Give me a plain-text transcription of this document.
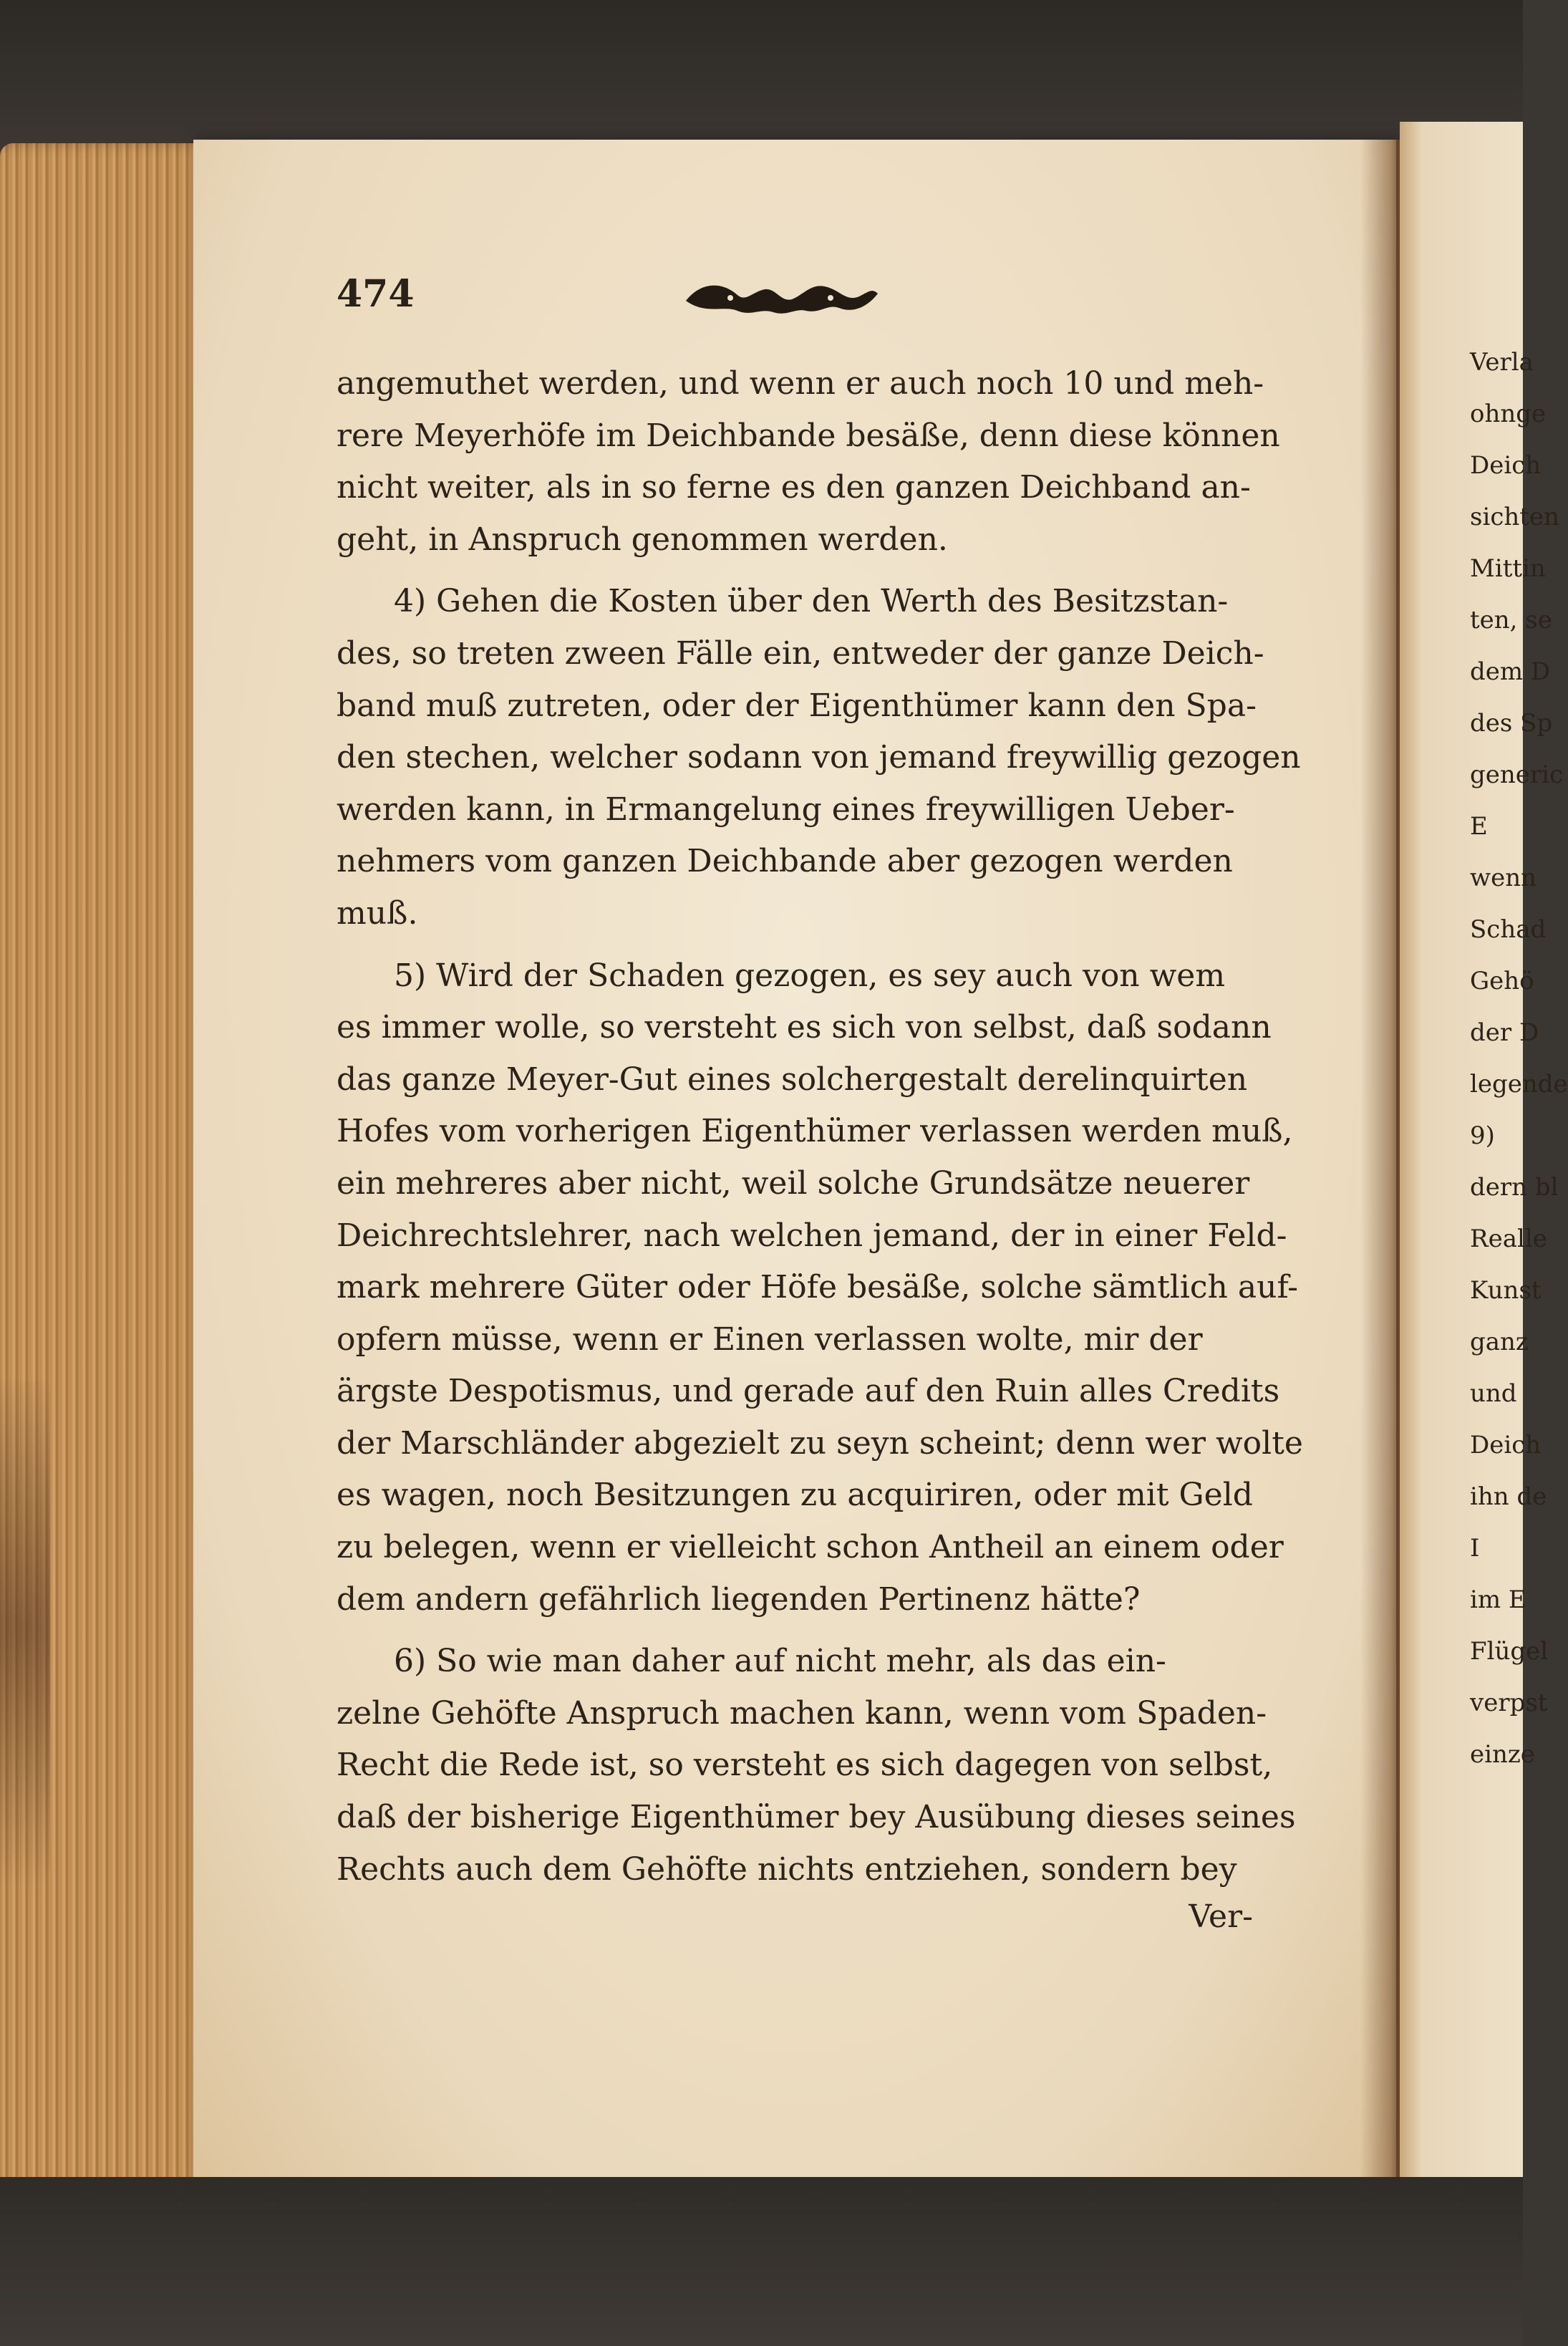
474
angemuthet werden, und wenn er auch noch 10 und meh-
rere Meyerhöfe im Deichbande besäße, denn diese können
nicht weiter, als in so ferne es den ganzen Deichband an-
geht, in Anspruch genommen werden.
4) Gehen die Kosten über den Werth des Besitzstan-
des, so treten zween Fälle ein, entweder der ganze Deich-
band muß zutreten, oder der Eigenthümer kann den Spa-
den stechen, welcher sodann von jemand freywillig gezogen
werden kann, in Ermangelung eines freywilligen Ueber-
nehmers vom ganzen Deichbande aber gezogen werden
muß.
5) Wird der Schaden gezogen, es sey auch von wem
es immer wolle, so versteht es sich von selbst, daß sodann
das ganze Meyer-Gut eines solchergestalt derelinquirten
Hofes vom vorherigen Eigenthümer verlassen werden muß,
ein mehreres aber nicht, weil solche Grundsätze neuerer
Deichrechtslehrer, nach welchen jemand, der in einer Feld-
mark mehrere Güter oder Höfe besäße, solche sämtlich auf-
opfern müsse, wenn er Einen verlassen wolte, mir der
ärgste Despotismus, und gerade auf den Ruin alles Credits
der Marschländer abgezielt zu seyn scheint; denn wer wolte
es wagen, noch Besitzungen zu acquiriren, oder mit Geld
zu belegen, wenn er vielleicht schon Antheil an einem oder
dem andern gefährlich liegenden Pertinenz hätte?
6) So wie man daher auf nicht mehr, als das ein-
zelne Gehöfte Anspruch machen kann, wenn vom Spaden-
Recht die Rede ist, so versteht es sich dagegen von selbst,
daß der bisherige Eigenthümer bey Ausübung dieses seines
Rechts auch dem Gehöfte nichts entziehen, sondern bey
Ver-
Verla
ohnge
Deich
sichten
Mittin
ten, se
dem D
des Sp
generic
E
wenn
Schad
Gehö
der D
legende
9)
dern bl
Realle
Kunst
ganz
und
Deich
ihn de
I
im E
Flügel
verpst
einze
